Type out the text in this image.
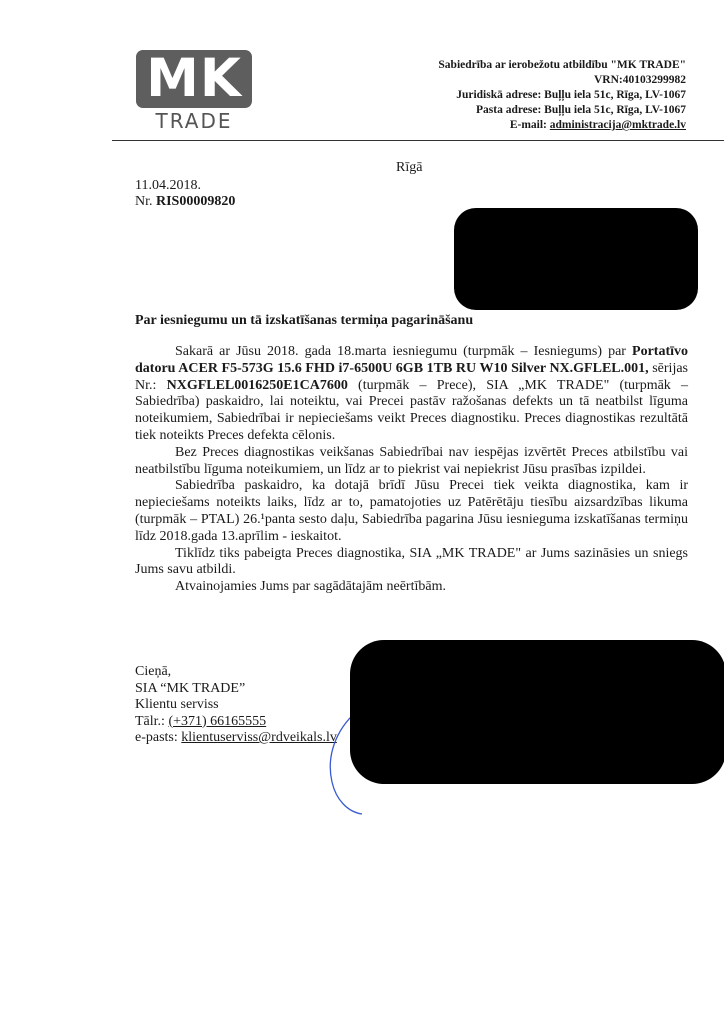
MK
TRADE
Sabiedrība ar ierobežotu atbildību "MK TRADE"
VRN:40103299982
Juridiskā adrese: Buļļu iela 51c, Rīga, LV-1067
Pasta adrese: Buļļu iela 51c, Rīga, LV-1067
E-mail: administracija@mktrade.lv
Rīgā
11.04.2018.
Nr. RIS00009820
Par iesniegumu un tā izskatīšanas termiņa pagarināšanu

Sakarā ar Jūsu 2018. gada 18.marta iesniegumu (turpmāk – Iesniegums) par Portatīvo datoru ACER F5-573G 15.6 FHD i7-6500U 6GB 1TB RU W10 Silver NX.GFLEL.001, sērijas Nr.: NXGFLEL0016250E1CA7600 (turpmāk – Prece), SIA „MK TRADE" (turpmāk – Sabiedrība) paskaidro, lai noteiktu, vai Precei pastāv ražošanas defekts un tā neatbilst līguma noteikumiem, Sabiedrībai ir nepieciešams veikt Preces diagnostiku. Preces diagnostikas rezultātā tiek noteikts Preces defekta cēlonis.

Bez Preces diagnostikas veikšanas Sabiedrībai nav iespējas izvērtēt Preces atbilstību vai neatbilstību līguma noteikumiem, un līdz ar to piekrist vai nepiekrist Jūsu prasības izpildei.

Sabiedrība paskaidro, ka dotajā brīdī Jūsu Precei tiek veikta diagnostika, kam ir nepieciešams noteikts laiks, līdz ar to, pamatojoties uz Patērētāju tiesību aizsardzības likuma (turpmāk – PTAL) 26.¹panta sesto daļu, Sabiedrība pagarina Jūsu iesnieguma izskatīšanas termiņu līdz 2018.gada 13.aprīlim - ieskaitot.

Tiklīdz tiks pabeigta Preces diagnostika, SIA „MK TRADE" ar Jums sazināsies un sniegs Jums savu atbildi.

Atvainojamies Jums par sagādātajām neērtībām.

Cieņā,
SIA “MK TRADE”
Klientu serviss
Tālr.: (+371) 66165555
e-pasts: klientuserviss@rdveikals.lv
